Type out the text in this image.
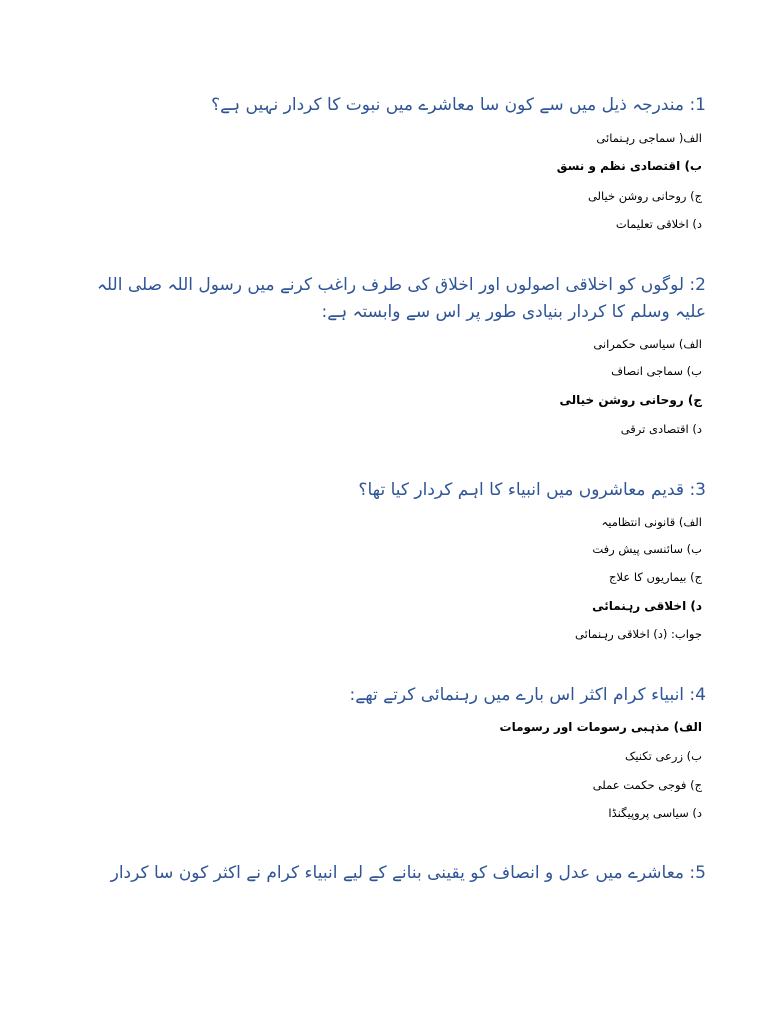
1: مندرجہ ذیل میں سے کون سا معاشرے میں نبوت کا کردار نہیں ہے؟
الف( سماجی رہنمائی
ب) اقتصادی نظم و نسق
ج) روحانی روشن خیالی
د) اخلاقی تعلیمات
2: لوگوں کو اخلاقی اصولوں اور اخلاق کی طرف راغب کرنے میں رسول اللہ صلی اللہ علیہ وسلم کا کردار بنیادی طور پر اس سے وابستہ ہے:
الف) سیاسی حکمرانی
ب) سماجی انصاف
ج) روحانی روشن خیالی
د) اقتصادی ترقی
3: قدیم معاشروں میں انبیاء کا اہم کردار کیا تھا؟
الف) قانونی انتظامیہ
ب) سائنسی پیش رفت
ج) بیماریوں کا علاج
د) اخلاقی رہنمائی
جواب: (د) اخلاقی رہنمائی
4: انبیاء کرام اکثر اس بارے میں رہنمائی کرتے تھے:
الف) مذہبی رسومات اور رسومات
ب) زرعی تکنیک
ج) فوجی حکمت عملی
د) سیاسی پروپیگنڈا
5: معاشرے میں عدل و انصاف کو یقینی بنانے کے لیے انبیاء کرام نے اکثر کون سا کردار
